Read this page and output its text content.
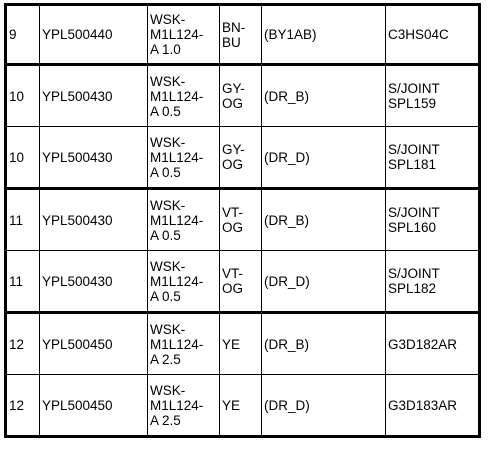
9	YPL500440	WSK-
M1L124-
A 1.0	BN-
BU	(BY1AB)	C3HS04C
10	YPL500430	WSK-
M1L124-
A 0.5	GY-
OG	(DR_B)	S/JOINT
SPL159
10	YPL500430	WSK-
M1L124-
A 0.5	GY-
OG	(DR_D)	S/JOINT
SPL181
11	YPL500430	WSK-
M1L124-
A 0.5	VT-
OG	(DR_B)	S/JOINT
SPL160
11	YPL500430	WSK-
M1L124-
A 0.5	VT-
OG	(DR_D)	S/JOINT
SPL182
12	YPL500450	WSK-
M1L124-
A 2.5	YE	(DR_B)	G3D182AR
12	YPL500450	WSK-
M1L124-
A 2.5	YE	(DR_D)	G3D183AR
